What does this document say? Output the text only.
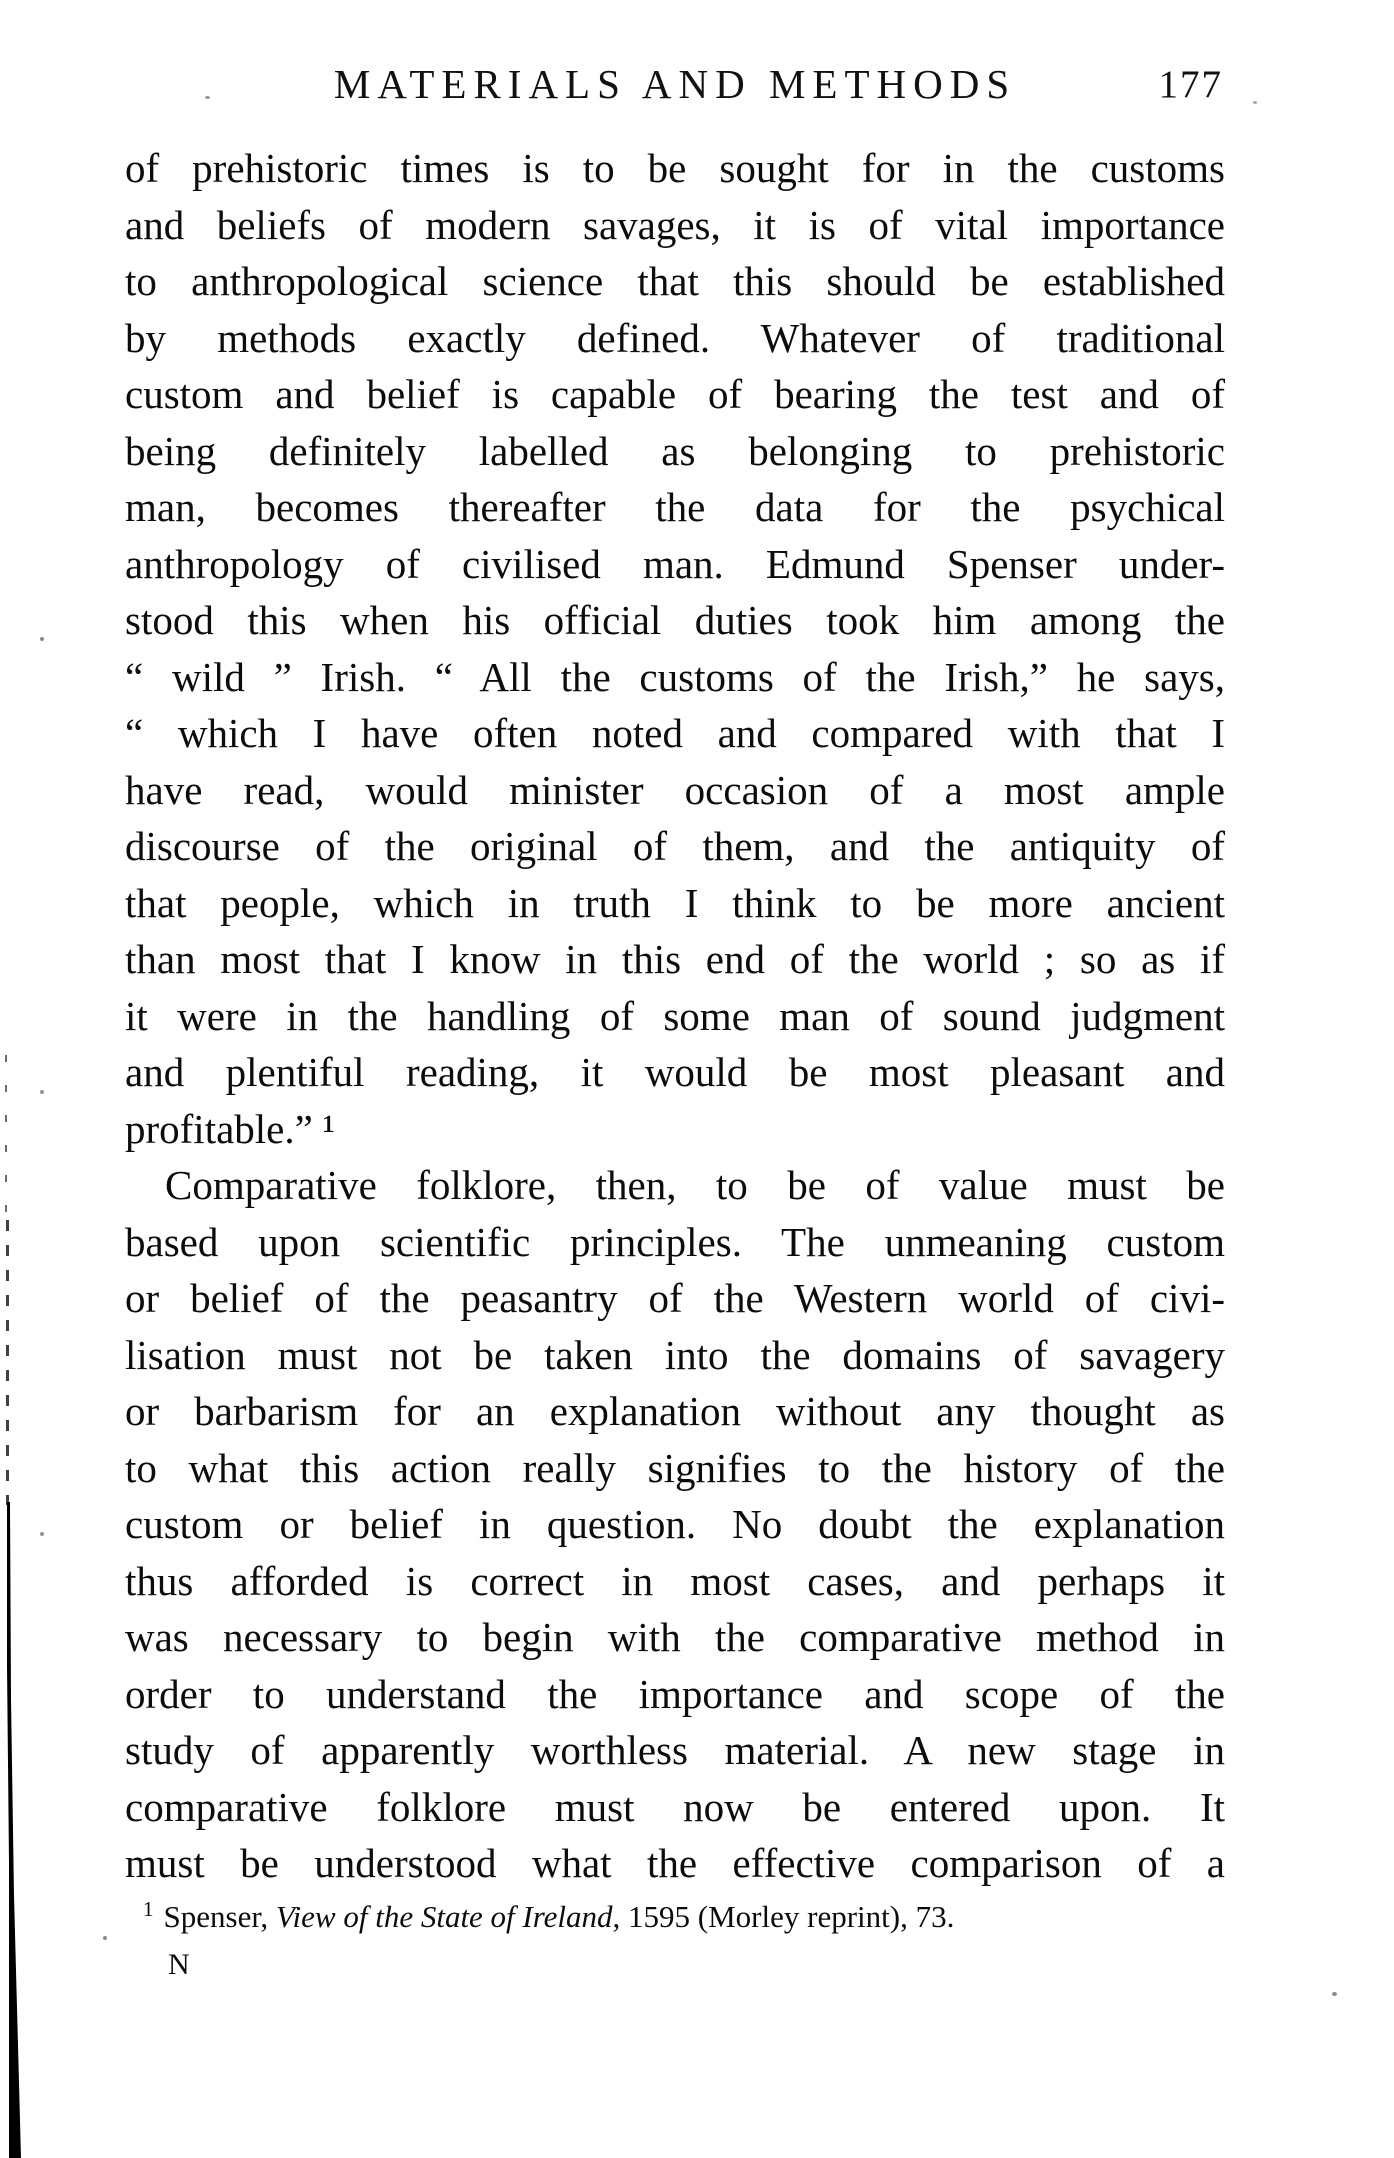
MATERIALS AND METHODS	177
of prehistoric times is to be sought for in the customs
and beliefs of modern savages, it is of vital importance
to anthropological science that this should be established
by methods exactly defined. Whatever of traditional
custom and belief is capable of bearing the test and of
being definitely labelled as belonging to prehistoric
man, becomes thereafter the data for the psychical
anthropology of civilised man. Edmund Spenser under-
stood this when his official duties took him among the
“ wild ” Irish. “ All the customs of the Irish,” he says,
“ which I have often noted and compared with that I
have read, would minister occasion of a most ample
discourse of the original of them, and the antiquity of
that people, which in truth I think to be more ancient
than most that I know in this end of the world ; so as if
it were in the handling of some man of sound judgment
and plentiful reading, it would be most pleasant and
profitable.” ¹
Comparative folklore, then, to be of value must be
based upon scientific principles. The unmeaning custom
or belief of the peasantry of the Western world of civi-
lisation must not be taken into the domains of savagery
or barbarism for an explanation without any thought as
to what this action really signifies to the history of the
custom or belief in question. No doubt the explanation
thus afforded is correct in most cases, and perhaps it
was necessary to begin with the comparative method in
order to understand the importance and scope of the
study of apparently worthless material. A new stage in
comparative folklore must now be entered upon. It
must be understood what the effective comparison of a
$^1$ Spenser, View of the State of Ireland, 1595 (Morley reprint), 73.
N
